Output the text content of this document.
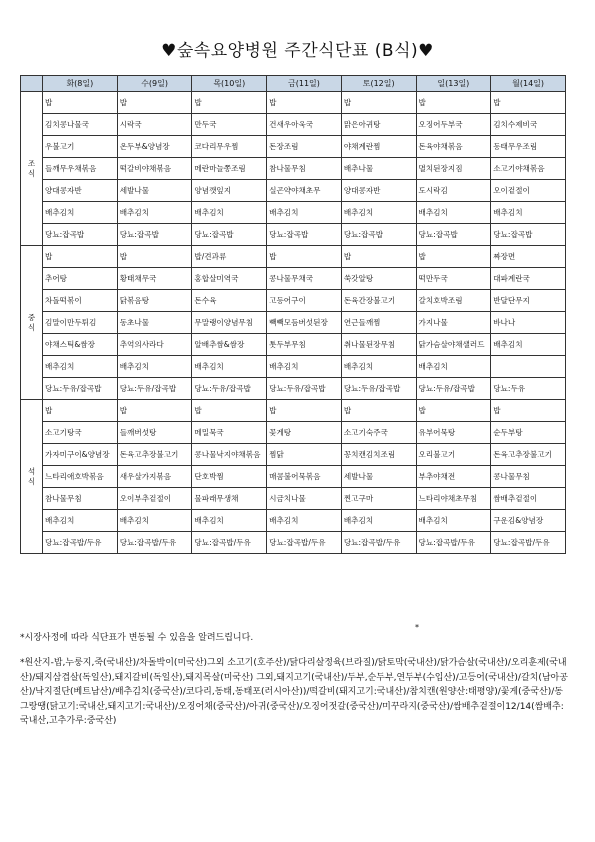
♥숲속요양병원 주간식단표 (B식)♥
	화(8일)	수(9일)	목(10일)	금(11일)	토(12일)	일(13일)	월(14일)

조
식	밥	밥	밥	밥	밥	밥	밥
	김치콩나물국	시락국	만두국	건새우아욱국	맑은아귀탕	오징어두부국	김치수제비국
	우불고기	온두부&양념장	코다리무우찜	돈장조림	야채계란찜	돈육야채볶음	동태무우조림
	들깨무우채볶음	떡갈비야채볶음	메란마늘쫑조림	참나물무침	배추나물	멸치된장지짐	소고기야채볶음
	양대콩자반	세발나물	양념깻잎지	실곤약야채초무	양대콩자반	도시락김	오이겉절이
	배추김치	배추김치	배추김치	배추김치	배추김치	배추김치	배추김치
	당뇨:잡곡밥	당뇨:잡곡밥	당뇨:잡곡밥	당뇨:잡곡밥	당뇨:잡곡밥	당뇨:잡곡밥	당뇨:잡곡밥

중
식	밥	밥	밥/견과류	밥	밥	밥	짜장면
	추어탕	황태채무국	홍합살미역국	콩나물무채국	쑥갓알탕	떡만두국	대파계란국
	차돌떡볶이	닭볶음탕	돈수육	고등어구이	돈육간장불고기	갈치호박조림	반달단무지
	김말이만두튀김	동초나물	무말랭이양념무침	빽빽모듬버섯된장	연근들깨찜	가지나물	바나나
	야채스틱&쌈장	추억의사라다	알배추쌈&쌈장	톳두부무침	취나물된장무침	닭가슴살야채샐러드	배추김치
	배추김치	배추김치	배추김치	배추김치	배추김치	배추김치	
	당뇨:두유/잡곡밥	당뇨:두유/잡곡밥	당뇨:두유/잡곡밥	당뇨:두유/잡곡밥	당뇨:두유/잡곡밥	당뇨:두유/잡곡밥	당뇨:두유

석
식	밥	밥	밥	밥	밥	밥	밥
	소고기탕국	들깨버섯탕	메밀묵국	꽃게탕	소고기숙주국	유부어묵탕	순두부탕
	가자미구이&양념장	돈육고추장불고기	콩나물낙지야채볶음	찜닭	꽁치캔김치조림	오리불고기	돈육고추장불고기
	느타리애호박볶음	새우살가지볶음	단호박찜	매콤불어묵볶음	세발나물	부추야채전	콩나물무침
	참나물무침	오이부추겉절이	물파래무생채	시금치나물	찐고구마	느타리야채초무침	쌈배추겉절이
	배추김치	배추김치	배추김치	배추김치	배추김치	배추김치	구운김&양념장
	당뇨:잡곡밥/두유	당뇨:잡곡밥/두유	당뇨:잡곡밥/두유	당뇨:잡곡밥/두유	당뇨:잡곡밥/두유	당뇨:잡곡밥/두유	당뇨:잡곡밥/두유
*
*시장사정에 따라 식단표가 변동될 수 있음을 알려드립니다.
*원산지-밥,누룽지,죽(국내산)/차돌박이(미국산)그외 소고기(호주산)/닭다리살정육(브라질)/닭토막(국내산)/닭가슴살(국내산)/오리훈제(국내산)/돼지삼겹살(독일산),돼지갈비(독일산),돼지목살(미국산) 그외,돼지고기(국내산)/두부,순두부,연두부(수입산)/고등어(국내산)/갈치(남아공산)/낙지절단(베트남산)/배추김치(중국산)/코다리,동태,동태포(러시아산))/떡갈비(돼지고기:국내산)/참치캔(원양산:태평양)/꽃게(중국산)/동그랑땡(닭고기:국내산,돼지고기:국내산)/오징어채(중국산)/아귀(중국산)/오징어젓갈(중국산)/미꾸라지(중국산)/쌈배추겉절이12/14(쌈배추:국내산,고추가루:중국산)
